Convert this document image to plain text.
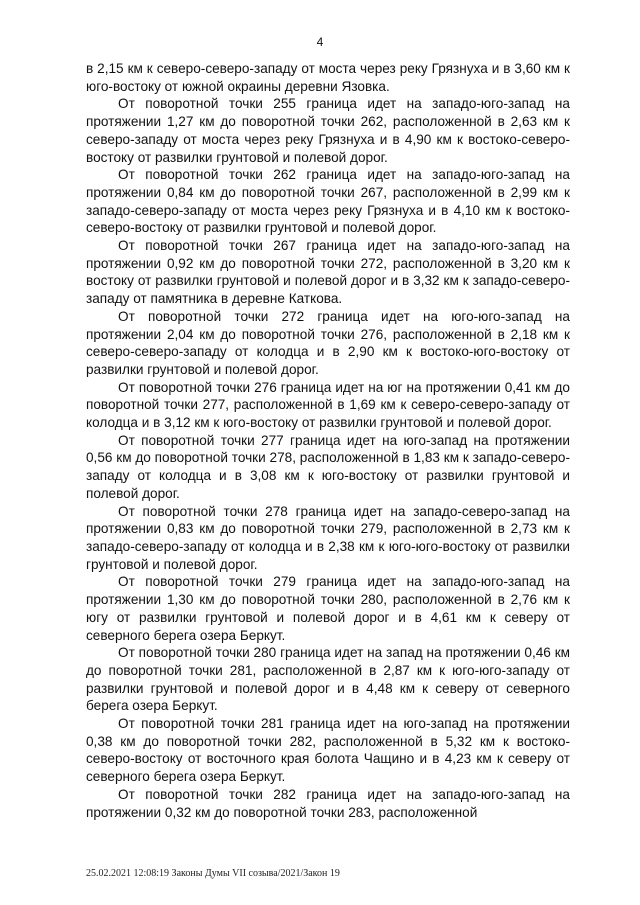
4

в 2,15 км к северо-северо-западу от моста через реку Грязнуха и в 3,60 км к юго-востоку от южной окраины деревни Язовка.

От поворотной точки 255 граница идет на западо-юго-запад на протяжении 1,27 км до поворотной точки 262, расположенной в 2,63 км к северо-западу от моста через реку Грязнуха и в 4,90 км к востоко-северо-востоку от развилки грунтовой и полевой дорог.

От поворотной точки 262 граница идет на западо-юго-запад на протяжении 0,84 км до поворотной точки 267, расположенной в 2,99 км к западо-северо-западу от моста через реку Грязнуха и в 4,10 км к востоко-северо-востоку от развилки грунтовой и полевой дорог.

От поворотной точки 267 граница идет на западо-юго-запад на протяжении 0,92 км до поворотной точки 272, расположенной в 3,20 км к востоку от развилки грунтовой и полевой дорог и в 3,32 км к западо-северо-западу от памятника в деревне Каткова.

От поворотной точки 272 граница идет на юго-юго-запад на протяжении 2,04 км до поворотной точки 276, расположенной в 2,18 км к северо-северо-западу от колодца и в 2,90 км к востоко-юго-востоку от развилки грунтовой и полевой дорог.

От поворотной точки 276 граница идет на юг на протяжении 0,41 км до поворотной точки 277, расположенной в 1,69 км к северо-северо-западу от колодца и в 3,12 км к юго-востоку от развилки грунтовой и полевой дорог.

От поворотной точки 277 граница идет на юго-запад на протяжении 0,56 км до поворотной точки 278, расположенной в 1,83 км к западо-северо-западу от колодца и в 3,08 км к юго-востоку от развилки грунтовой и полевой дорог.

От поворотной точки 278 граница идет на западо-северо-запад на протяжении 0,83 км до поворотной точки 279, расположенной в 2,73 км к западо-северо-западу от колодца и в 2,38 км к юго-юго-востоку от развилки грунтовой и полевой дорог.

От поворотной точки 279 граница идет на западо-юго-запад на протяжении 1,30 км до поворотной точки 280, расположенной в 2,76 км к югу от развилки грунтовой и полевой дорог и в 4,61 км к северу от северного берега озера Беркут.

От поворотной точки 280 граница идет на запад на протяжении 0,46 км до поворотной точки 281, расположенной в 2,87 км к юго-юго-западу от развилки грунтовой и полевой дорог и в 4,48 км к северу от северного берега озера Беркут.

От поворотной точки 281 граница идет на юго-запад на протяжении 0,38 км до поворотной точки 282, расположенной в 5,32 км к востоко-северо-востоку от восточного края болота Чащино и в 4,23 км к северу от северного берега озера Беркут.

От поворотной точки 282 граница идет на западо-юго-запад на протяжении 0,32 км до поворотной точки 283, расположенной

25.02.2021 12:08:19 Законы Думы VII созыва/2021/Закон 19
